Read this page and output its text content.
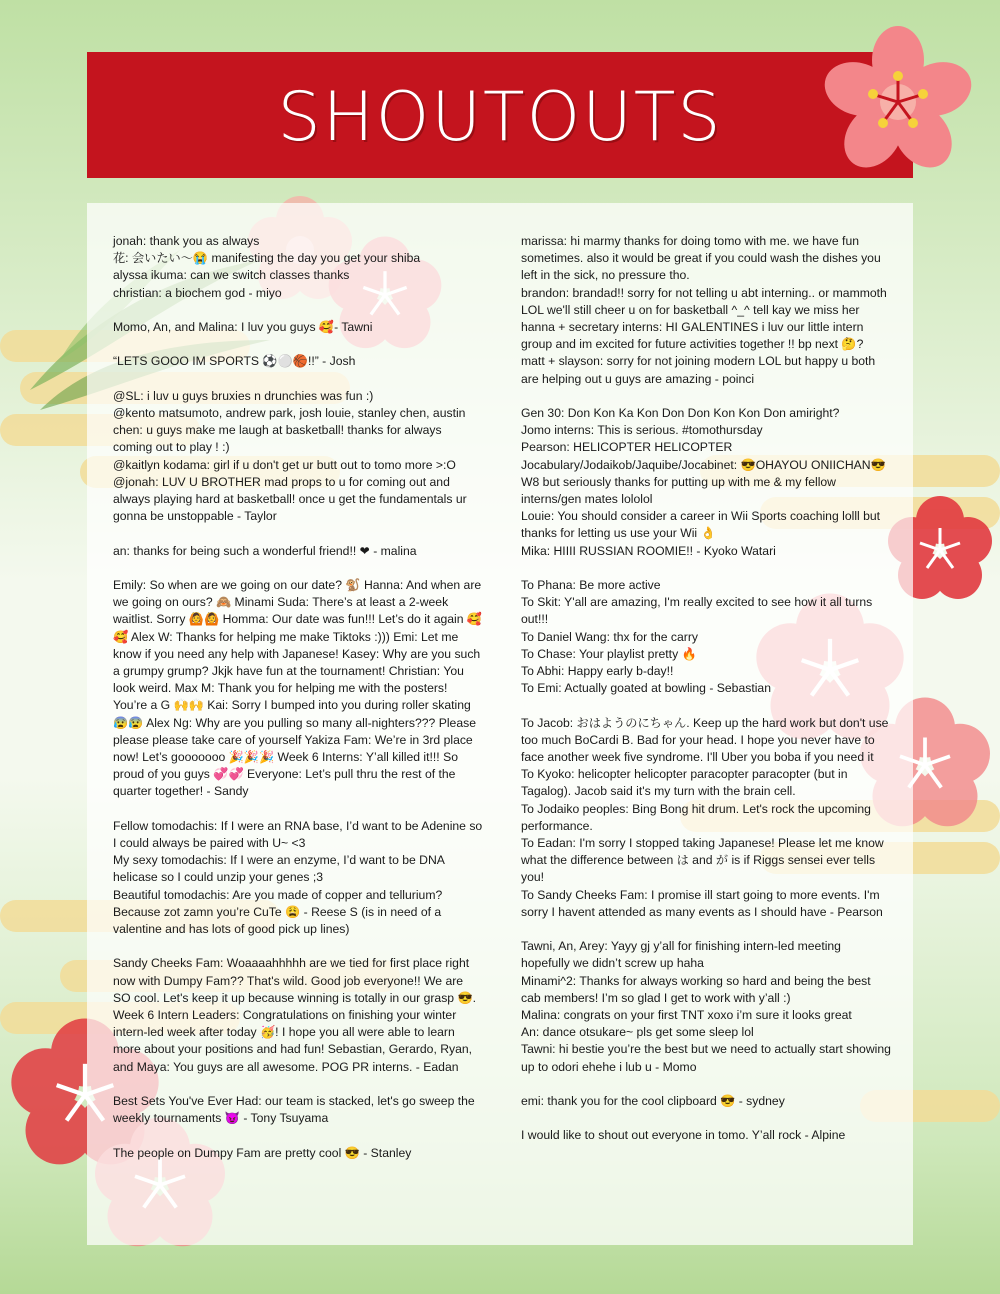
SHOUTOUTS
jonah: thank you as always
花: 会いたい～😭 manifesting the day you get your shiba
alyssa ikuma: can we switch classes thanks
christian: a biochem god - miyo
Momo, An, and Malina: I luv you guys 🥰- Tawni
“LETS GOOO IM SPORTS ⚽⚪🏀!!” - Josh
@SL: i luv u guys bruxies n drunchies was fun :)
@kento matsumoto, andrew park, josh louie, stanley chen, austin chen: u guys make me laugh at basketball! thanks for always coming out to play ! :)
@kaitlyn kodama: girl if u don't get ur butt out to tomo more >:O
@jonah: LUV U BROTHER mad props to u for coming out and always playing hard at basketball! once u get the fundamentals ur gonna be unstoppable - Taylor
an: thanks for being such a wonderful friend!! ❤ - malina
Emily: So when are we going on our date? 🐒 Hanna: And when are we going on ours? 🙈 Minami Suda: There’s at least a 2-week waitlist. Sorry 🙆🙆 Homma: Our date was fun!!! Let’s do it again 🥰🥰 Alex W: Thanks for helping me make Tiktoks :))) Emi: Let me know if you need any help with Japanese! Kasey: Why are you such a grumpy grump? Jkjk have fun at the tournament! Christian: You look weird. Max M: Thank you for helping me with the posters! You’re a G 🙌🙌 Kai: Sorry I bumped into you during roller skating 😰😰 Alex Ng: Why are you pulling so many all-nighters??? Please please please take care of yourself Yakiza Fam: We’re in 3rd place now! Let’s gooooooo 🎉🎉🎉 Week 6 Interns: Y’all killed it!!! So proud of you guys 💞💞 Everyone: Let’s pull thru the rest of the quarter together! - Sandy
Fellow tomodachis: If I were an RNA base, I’d want to be Adenine so I could always be paired with U~ <3
My sexy tomodachis: If I were an enzyme, I’d want to be DNA helicase so I could unzip your genes ;3
Beautiful tomodachis: Are you made of copper and tellurium? Because zot zamn you’re CuTe 😩 - Reese S (is in need of a valentine and has lots of good pick up lines)
Sandy Cheeks Fam: Woaaaahhhhh are we tied for first place right now with Dumpy Fam?? That's wild. Good job everyone!! We are SO cool. Let's keep it up because winning is totally in our grasp 😎. Week 6 Intern Leaders: Congratulations on finishing your winter intern-led week after today 🥳! I hope you all were able to learn more about your positions and had fun! Sebastian, Gerardo, Ryan, and Maya: You guys are all awesome. POG PR interns. - Eadan
Best Sets You've Ever Had: our team is stacked, let's go sweep the weekly tournaments 😈 - Tony Tsuyama
The people on Dumpy Fam are pretty cool 😎 - Stanley
marissa: hi marmy thanks for doing tomo with me. we have fun sometimes. also it would be great if you could wash the dishes you left in the sick, no pressure tho.
brandon: brandad!! sorry for not telling u abt interning.. or mammoth LOL we'll still cheer u on for basketball ^_^ tell kay we miss her
hanna + secretary interns: HI GALENTINES i luv our little intern group and im excited for future activities together !! bp next 🤔?
matt + slayson: sorry for not joining modern LOL but happy u both are helping out u guys are amazing - poinci
Gen 30: Don Kon Ka Kon Don Don Kon Kon Don amiright?
Jomo interns: This is serious. #tomothursday
Pearson: HELICOPTER HELICOPTER
Jocabulary/Jodaikob/Jaquibe/Jocabinet: 😎OHAYOU ONIICHAN😎 W8 but seriously thanks for putting up with me & my fellow interns/gen mates lololol
Louie: You should consider a career in Wii Sports coaching lolll but thanks for letting us use your Wii 👌
Mika: HIIII RUSSIAN ROOMIE!! - Kyoko Watari
To Phana: Be more active
To Skit: Y'all are amazing, I'm really excited to see how it all turns out!!!
To Daniel Wang: thx for the carry
To Chase: Your playlist pretty 🔥
To Abhi: Happy early b-day!!
To Emi: Actually goated at bowling - Sebastian
To Jacob: おはようのにちゃん. Keep up the hard work but don't use too much BoCardi B. Bad for your head. I hope you never have to face another week five syndrome. I'll Uber you boba if you need it
To Kyoko: helicopter helicopter paracopter paracopter (but in Tagalog). Jacob said it's my turn with the brain cell.
To Jodaiko peoples: Bing Bong hit drum. Let's rock the upcoming performance.
To Eadan: I'm sorry I stopped taking Japanese! Please let me know what the difference between は and が is if Riggs sensei ever tells you!
To Sandy Cheeks Fam: I promise ill start going to more events. I'm sorry I havent attended as many events as I should have - Pearson
Tawni, An, Arey: Yayy gj y’all for finishing intern-led meeting hopefully we didn’t screw up haha
Minami^2: Thanks for always working so hard and being the best cab members! I’m so glad I get to work with y’all :)
Malina: congrats on your first TNT xoxo i’m sure it looks great
An: dance otsukare~ pls get some sleep lol
Tawni: hi bestie you’re the best but we need to actually start showing up to odori ehehe i lub u - Momo
emi: thank you for the cool clipboard 😎 - sydney
I would like to shout out everyone in tomo. Y’all rock - Alpine
